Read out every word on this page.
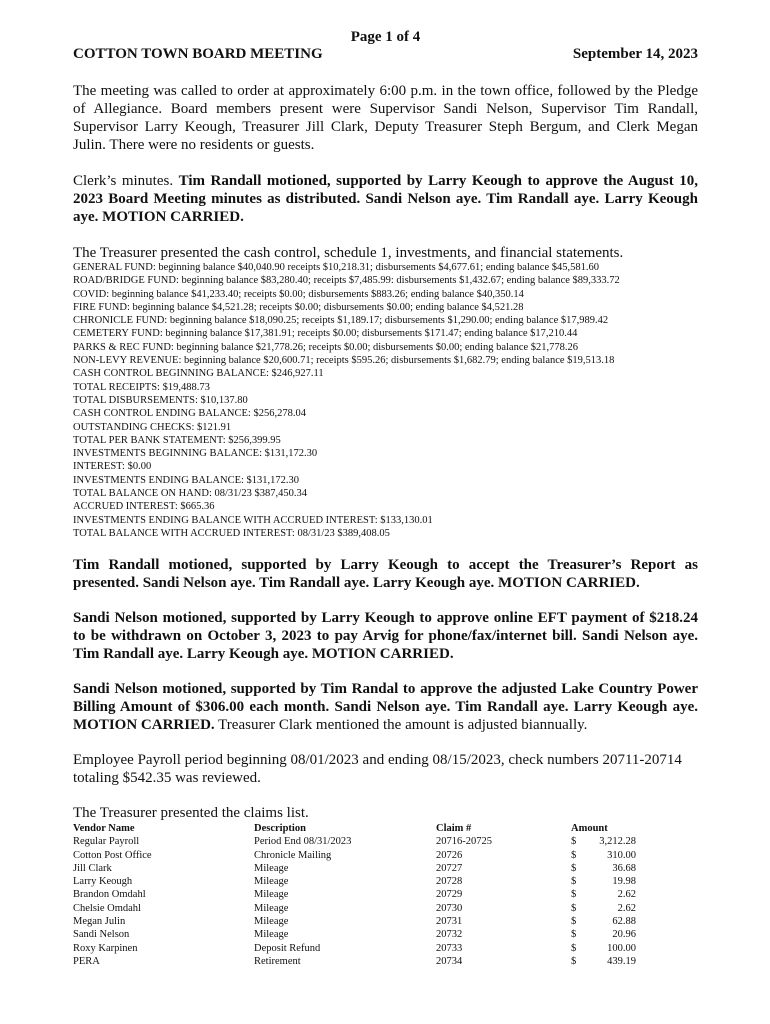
Page 1 of 4
COTTON TOWN BOARD MEETING	September 14, 2023

The meeting was called to order at approximately 6:00 p.m. in the town office, followed by the Pledge of Allegiance. Board members present were Supervisor Sandi Nelson, Supervisor Tim Randall, Supervisor Larry Keough, Treasurer Jill Clark, Deputy Treasurer Steph Bergum, and Clerk Megan Julin. There were no residents or guests.

Clerk’s minutes. Tim Randall motioned, supported by Larry Keough to approve the August 10, 2023 Board Meeting minutes as distributed. Sandi Nelson aye. Tim Randall aye. Larry Keough aye. MOTION CARRIED.

The Treasurer presented the cash control, schedule 1, investments, and financial statements.

GENERAL FUND: beginning balance $40,040.90 receipts $10,218.31; disbursements $4,677.61; ending balance $45,581.60
ROAD/BRIDGE FUND: beginning balance $83,280.40; receipts $7,485.99: disbursements $1,432.67; ending balance $89,333.72
COVID: beginning balance $41,233.40; receipts $0.00; disbursements $883.26; ending balance $40,350.14
FIRE FUND: beginning balance $4,521.28; receipts $0.00; disbursements $0.00; ending balance $4,521.28
CHRONICLE FUND: beginning balance $18,090.25; receipts $1,189.17; disbursements $1,290.00; ending balance $17,989.42
CEMETERY FUND: beginning balance $17,381.91; receipts $0.00; disbursements $171.47; ending balance $17,210.44
PARKS & REC FUND: beginning balance $21,778.26; receipts $0.00; disbursements $0.00; ending balance $21,778.26
NON-LEVY REVENUE: beginning balance $20,600.71; receipts $595.26; disbursements $1,682.79; ending balance $19,513.18
CASH CONTROL BEGINNING BALANCE: $246,927.11
TOTAL RECEIPTS: $19,488.73
TOTAL DISBURSEMENTS: $10,137.80
CASH CONTROL ENDING BALANCE: $256,278.04
OUTSTANDING CHECKS: $121.91
TOTAL PER BANK STATEMENT: $256,399.95
INVESTMENTS BEGINNING BALANCE: $131,172.30
INTEREST: $0.00
INVESTMENTS ENDING BALANCE: $131,172.30
TOTAL BALANCE ON HAND: 08/31/23 $387,450.34
ACCRUED INTEREST: $665.36
INVESTMENTS ENDING BALANCE WITH ACCRUED INTEREST: $133,130.01
TOTAL BALANCE WITH ACCRUED INTEREST: 08/31/23 $389,408.05

Tim Randall motioned, supported by Larry Keough to accept the Treasurer’s Report as presented. Sandi Nelson aye. Tim Randall aye. Larry Keough aye. MOTION CARRIED.

Sandi Nelson motioned, supported by Larry Keough to approve online EFT payment of $218.24 to be withdrawn on October 3, 2023 to pay Arvig for phone/fax/internet bill. Sandi Nelson aye. Tim Randall aye. Larry Keough aye. MOTION CARRIED.

Sandi Nelson motioned, supported by Tim Randal to approve the adjusted Lake Country Power Billing Amount of $306.00 each month. Sandi Nelson aye. Tim Randall aye. Larry Keough aye. MOTION CARRIED. Treasurer Clark mentioned the amount is adjusted biannually.

Employee Payroll period beginning 08/01/2023 and ending 08/15/2023, check numbers 20711-20714 totaling $542.35 was reviewed.

The Treasurer presented the claims list.

Vendor Name	Description	Claim #	Amount
Regular Payroll	Period End 08/31/2023	20716-20725	$ 3,212.28
Cotton Post Office	Chronicle Mailing	20726	$ 310.00
Jill Clark	Mileage	20727	$ 36.68
Larry Keough	Mileage	20728	$ 19.98
Brandon Omdahl	Mileage	20729	$ 2.62
Chelsie Omdahl	Mileage	20730	$ 2.62
Megan Julin	Mileage	20731	$ 62.88
Sandi Nelson	Mileage	20732	$ 20.96
Roxy Karpinen	Deposit Refund	20733	$ 100.00
PERA	Retirement	20734	$ 439.19
